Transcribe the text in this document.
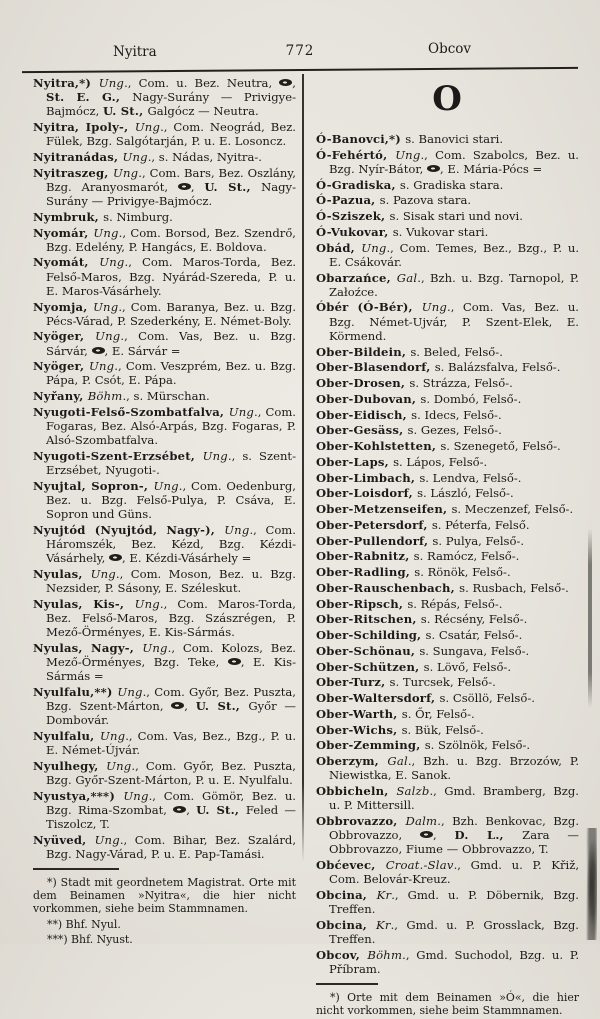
Nyitra	772	Obcov
Nyitra,*) Ung., Com. u. Bez. Neutra, , St. E. G., Nagy-Surány — Privigye-Bajmócz, U. St., Galgócz — Neutra.
Nyitra, Ipoly-, Ung., Com. Neográd, Bez. Fülek, Bzg. Salgótarján, P. u. E. Losoncz.
Nyitranádas, Ung., s. Nádas, Nyitra-.
Nyitraszeg, Ung., Com. Bars, Bez. Oszlány, Bzg. Aranyosmarót, , U. St., Nagy-Surány — Privigye-Bajmócz.
Nymbruk, s. Nimburg.
Nyomár, Ung., Com. Borsod, Bez. Szendrő, Bzg. Edelény, P. Hangács, E. Boldova.
Nyomát, Ung., Com. Maros-Torda, Bez. Felső-Maros, Bzg. Nyárád-Szereda, P. u. E. Maros-Vásárhely.
Nyomja, Ung., Com. Baranya, Bez. u. Bzg. Pécs-Várad, P. Szederkény, E. Német-Boly.
Nyöger, Ung., Com. Vas, Bez. u. Bzg. Sárvár, , E. Sárvár =
Nyöger, Ung., Com. Veszprém, Bez. u. Bzg. Pápa, P. Csót, E. Pápa.
Nyřany, Böhm., s. Mürschan.
Nyugoti-Felső-Szombatfalva, Ung., Com. Fogaras, Bez. Alsó-Arpás, Bzg. Fogaras, P. Alsó-Szombatfalva.
Nyugoti-Szent-Erzsébet, Ung., s. Szent-Erzsébet, Nyugoti-.
Nyujtal, Sopron-, Ung., Com. Oedenburg, Bez. u. Bzg. Felső-Pulya, P. Csáva, E. Sopron und Güns.
Nyujtód (Nyujtód, Nagy-), Ung., Com. Háromszék, Bez. Kézd, Bzg. Kézdi-Vásárhely, , E. Kézdi-Vásárhely =
Nyulas, Ung., Com. Moson, Bez. u. Bzg. Nezsider, P. Sásony, E. Széleskut.
Nyulas, Kis-, Ung., Com. Maros-Torda, Bez. Felső-Maros, Bzg. Szászrégen, P. Mező-Örményes, E. Kis-Sármás.
Nyulas, Nagy-, Ung., Com. Kolozs, Bez. Mező-Örményes, Bzg. Teke, , E. Kis-Sármás =
Nyulfalu,**) Ung., Com. Győr, Bez. Puszta, Bzg. Szent-Márton, , U. St., Győr — Dombovár.
Nyulfalu, Ung., Com. Vas, Bez., Bzg., P. u. E. Német-Újvár.
Nyulhegy, Ung., Com. Győr, Bez. Puszta, Bzg. Győr-Szent-Márton, P. u. E. Nyulfalu.
Nyustya,***) Ung., Com. Gömör, Bez. u. Bzg. Rima-Szombat, , U. St., Feled — Tiszolcz, T.
Nyüved, Ung., Com. Bihar, Bez. Szalárd, Bzg. Nagy-Várad, P. u. E. Pap-Tamási.
*) Stadt mit geordnetem Magistrat. Orte mit dem Beinamen »Nyitra«, die hier nicht vorkommen, siehe beim Stammnamen.
**) Bhf. Nyul.
***) Bhf. Nyust.
O
Ó-Banovci,*) s. Banovici stari.
Ó-Fehértó, Ung., Com. Szabolcs, Bez. u. Bzg. Nyír-Bátor, , E. Mária-Pócs =
Ó-Gradiska, s. Gradiska stara.
Ó-Pazua, s. Pazova stara.
Ó-Sziszek, s. Sisak stari und novi.
Ó-Vukovar, s. Vukovar stari.
Obád, Ung., Com. Temes, Bez., Bzg., P. u. E. Csákovár.
Obarzańce, Gal., Bzh. u. Bzg. Tarnopol, P. Załoźce.
Óbér (Ó-Bér), Ung., Com. Vas, Bez. u. Bzg. Német-Ujvár, P. Szent-Elek, E. Körmend.
Ober-Bildein, s. Beled, Felső-.
Ober-Blasendorf, s. Balázsfalva, Felső-.
Ober-Drosen, s. Strázza, Felső-.
Ober-Dubovan, s. Dombó, Felső-.
Ober-Eidisch, s. Idecs, Felső-.
Ober-Gesäss, s. Gezes, Felső-.
Ober-Kohlstetten, s. Szenegető, Felső-.
Ober-Laps, s. Lápos, Felső-.
Ober-Limbach, s. Lendva, Felső-.
Ober-Loisdorf, s. László, Felső-.
Ober-Metzenseifen, s. Meczenzef, Felső-.
Ober-Petersdorf, s. Péterfa, Felső.
Ober-Pullendorf, s. Pulya, Felső-.
Ober-Rabnitz, s. Ramócz, Felső-.
Ober-Radling, s. Rönök, Felső-.
Ober-Rauschenbach, s. Rusbach, Felső-.
Ober-Ripsch, s. Répás, Felső-.
Ober-Ritschen, s. Récsény, Felső-.
Ober-Schilding, s. Csatár, Felső-.
Ober-Schönau, s. Sungava, Felső-.
Ober-Schützen, s. Lövő, Felső-.
Ober-Turz, s. Turcsek, Felső-.
Ober-Waltersdorf, s. Csöllö, Felső-.
Ober-Warth, s. Őr, Felső-.
Ober-Wichs, s. Bük, Felső-.
Ober-Zemming, s. Szölnök, Felső-.
Oberzym, Gal., Bzh. u. Bzg. Brzozów, P. Niewistka, E. Sanok.
Obbicheln, Salzb., Gmd. Bramberg, Bzg. u. P. Mittersill.
Obbrovazzo, Dalm., Bzh. Benkovac, Bzg. Obbrovazzo, , D. L., Zara — Obbrovazzo, Fiume — Obbrovazzo, T.
Obćevec, Croat.-Slav., Gmd. u. P. Křiž, Com. Belovár-Kreuz.
Obcina, Kr., Gmd. u. P. Döbernik, Bzg. Treffen.
Obcina, Kr., Gmd. u. P. Grosslack, Bzg. Treffen.
Obcov, Böhm., Gmd. Suchodol, Bzg. u. P. Příbram.
*) Orte mit dem Beinamen »Ó«, die hier nicht vorkommen, siehe beim Stammnamen.
